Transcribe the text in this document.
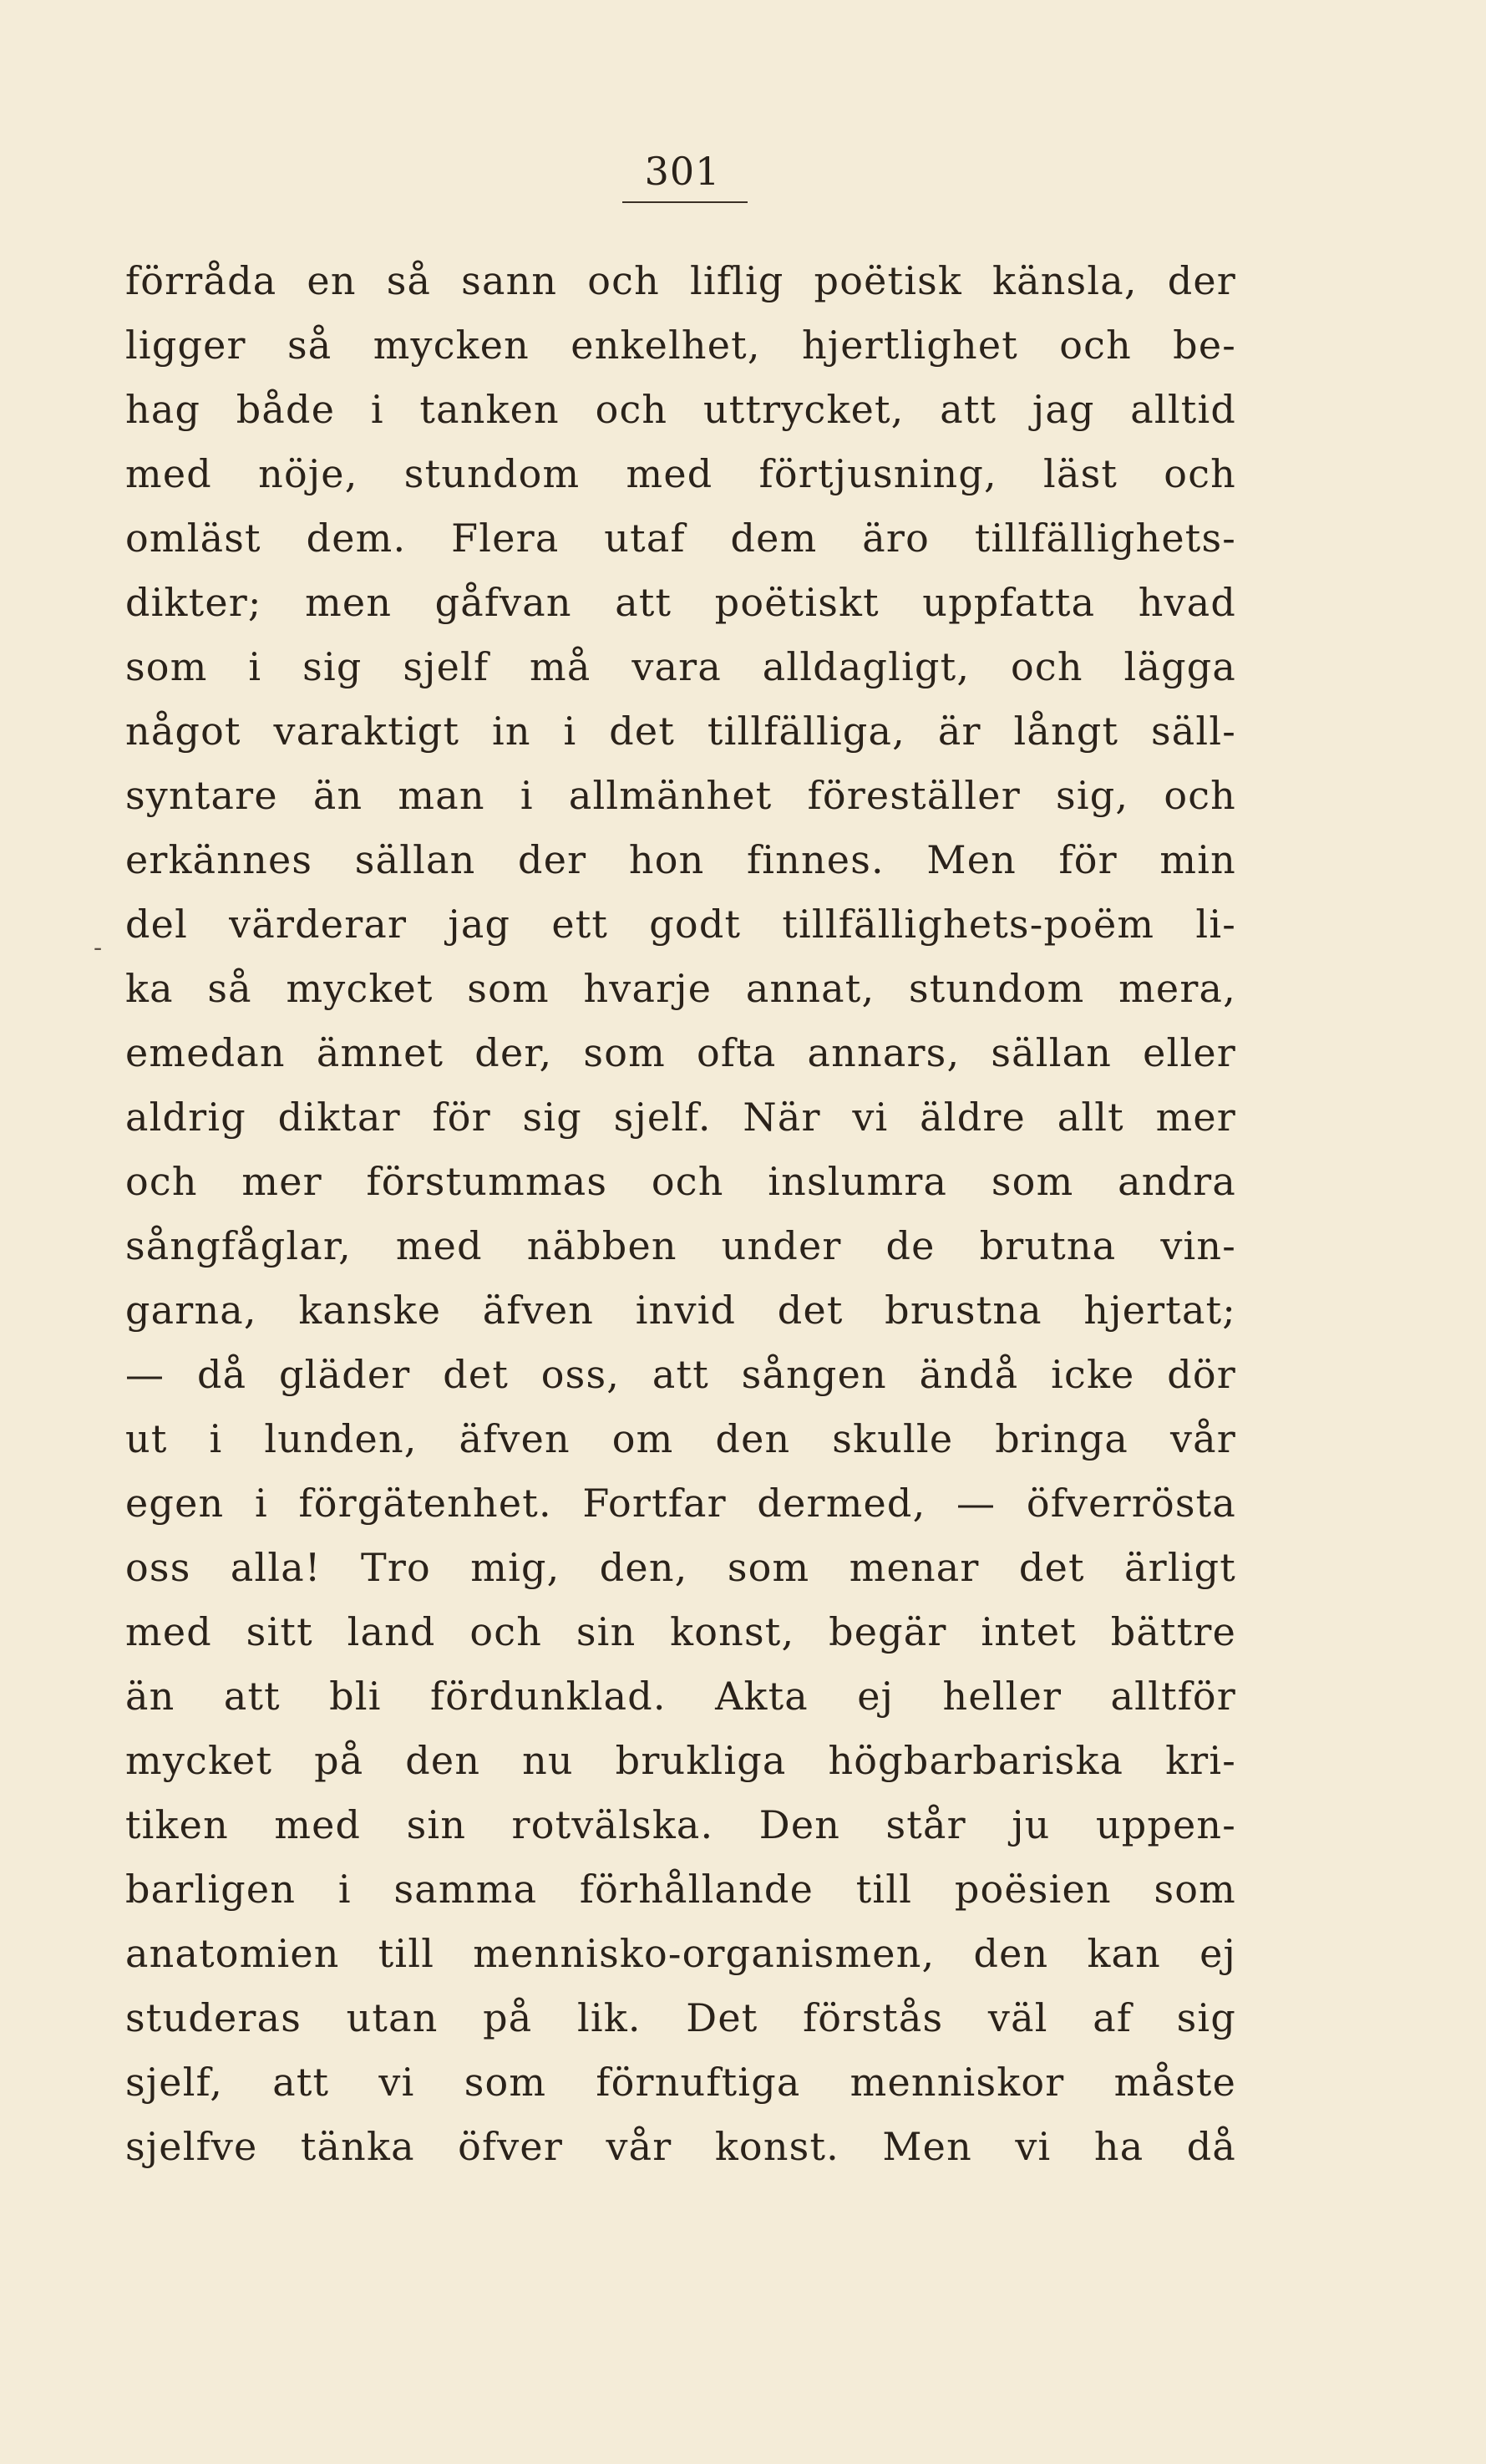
301
-
förråda en så sann och liflig poëtisk känsla, der
ligger så mycken enkelhet, hjertlighet och be-
hag både i tanken och uttrycket, att jag alltid
med nöje, stundom med förtjusning, läst och
omläst dem. Flera utaf dem äro tillfällighets-
dikter; men gåfvan att poëtiskt uppfatta hvad
som i sig sjelf må vara alldagligt, och lägga
något varaktigt in i det tillfälliga, är långt säll-
syntare än man i allmänhet föreställer sig, och
erkännes sällan der hon finnes. Men för min
del värderar jag ett godt tillfällighets-poëm li-
ka så mycket som hvarje annat, stundom mera,
emedan ämnet der, som ofta annars, sällan eller
aldrig diktar för sig sjelf. När vi äldre allt mer
och mer förstummas och inslumra som andra
sångfåglar, med näbben under de brutna vin-
garna, kanske äfven invid det brustna hjertat;
— då gläder det oss, att sången ändå icke dör
ut i lunden, äfven om den skulle bringa vår
egen i förgätenhet. Fortfar dermed, — öfverrösta
oss alla! Tro mig, den, som menar det ärligt
med sitt land och sin konst, begär intet bättre
än att bli fördunklad. Akta ej heller alltför
mycket på den nu brukliga högbarbariska kri-
tiken med sin rotvälska. Den står ju uppen-
barligen i samma förhållande till poësien som
anatomien till mennisko-organismen, den kan ej
studeras utan på lik. Det förstås väl af sig
sjelf, att vi som förnuftiga menniskor måste
sjelfve tänka öfver vår konst. Men vi ha då
